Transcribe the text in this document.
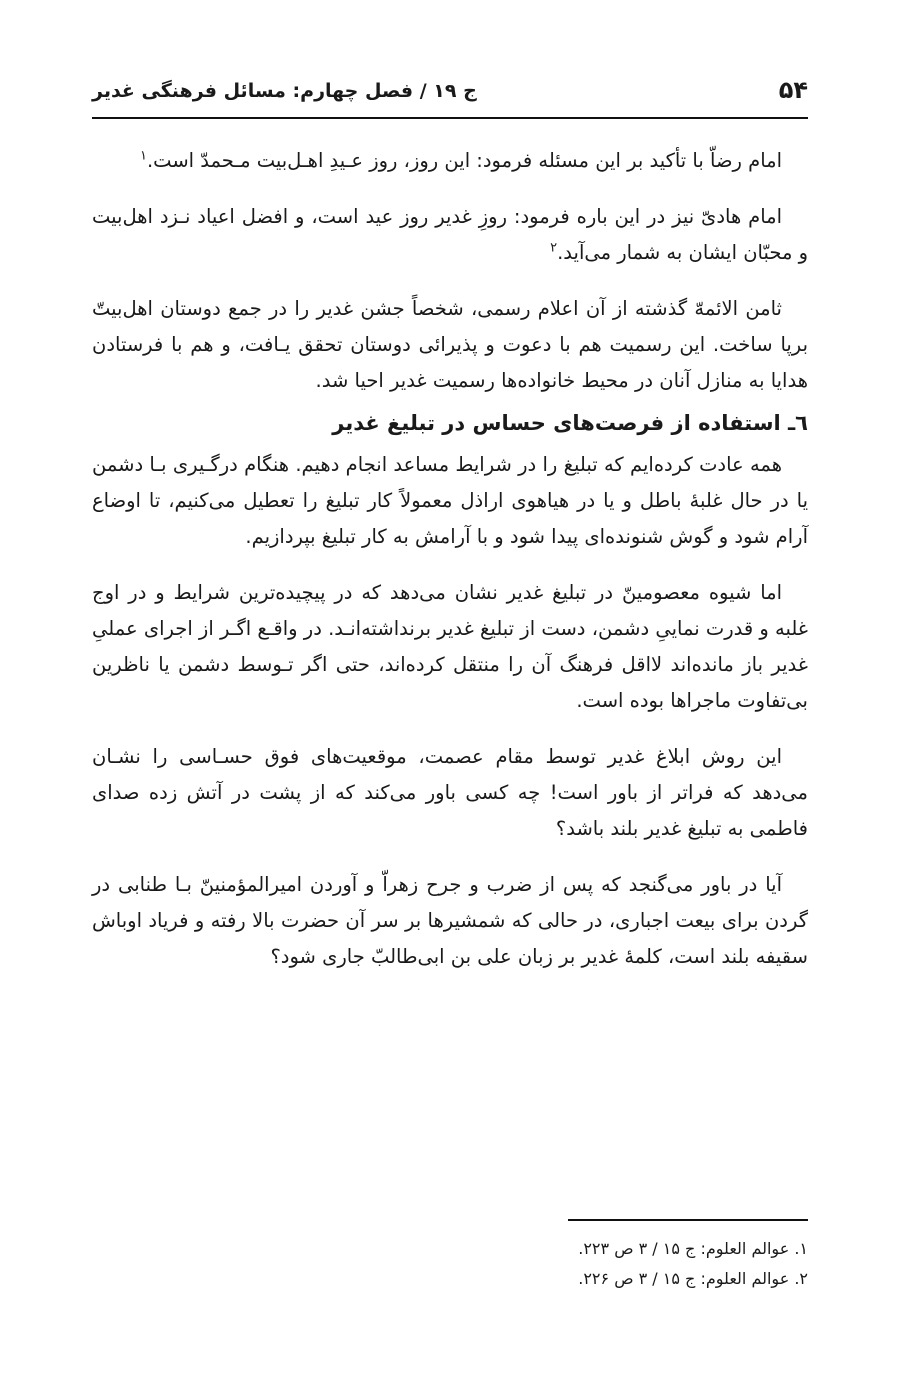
۵۴
ج ۱۹ / فصل چهارم: مسائل فرهنگی غدیر

امام رضاّ با تأکید بر این مسئله فرمود: این روز، روز عـیدِ اهـل‌بیت مـحمدّ است.$^۱$

امام هادیّ نیز در این باره فرمود: روزِ غدیر روز عید است، و افضل اعیاد نـزد اهل‌بیت و محبّان ایشان به شمار می‌آید.$^۲$

ثامن الائمهّ گذشته از آن اعلام رسمی، شخصاً جشن غدیر را در جمع دوستان اهل‌بیتّ برپا ساخت. این رسمیت هم با دعوت و پذیرائی دوستان تحقق یـافت، و هم با فرستادن هدایا به منازل آنان در محیط خانواده‌ها رسمیت غدیر احیا شد.

٦ـ استفاده از فرصت‌های حساس در تبلیغ غدیر

همه عادت کرده‌ایم که تبلیغ را در شرایط مساعد انجام دهیم. هنگام درگـیری بـا دشمن یا در حال غلبهٔ باطل و یا در هیاهوی اراذل معمولاً کار تبلیغ را تعطیل می‌کنیم، تا اوضاع آرام شود و گوش شنونده‌ای پیدا شود و با آرامش به کار تبلیغ بپردازیم.

اما شیوه معصومینّ در تبلیغ غدیر نشان می‌دهد که در پیچیده‌ترین شرایط و در اوج غلبه و قدرت نماییِ دشمن، دست از تبلیغ غدیر برنداشته‌انـد. در واقـع اگـر از اجرای عملیِ غدیر باز مانده‌اند لااقل فرهنگ آن را منتقل کرده‌اند، حتی اگر تـوسط دشمن یا ناظرین بی‌تفاوت ماجراها بوده است.

این روش ابلاغ غدیر توسط مقام عصمت، موقعیت‌های فوق حسـاسی را نشـان می‌دهد که فراتر از باور است! چه کسی باور می‌کند که از پشت در آتش زده صدای فاطمی به تبلیغ غدیر بلند باشد؟

آیا در باور می‌گنجد که پس از ضرب و جرح زهراّ و آوردن امیرالمؤمنینّ بـا طنابی در گردن برای بیعت اجباری، در حالی که شمشیرها بر سر آن حضرت بالا رفته و فریاد اوباش سقیفه بلند است، کلمهٔ غدیر بر زبان علی بن ابی‌طالبّ جاری شود؟

۱. عوالم العلوم: ج ۱۵ / ۳ ص ۲۲۳.
۲. عوالم العلوم: ج ۱۵ / ۳ ص ۲۲۶.
